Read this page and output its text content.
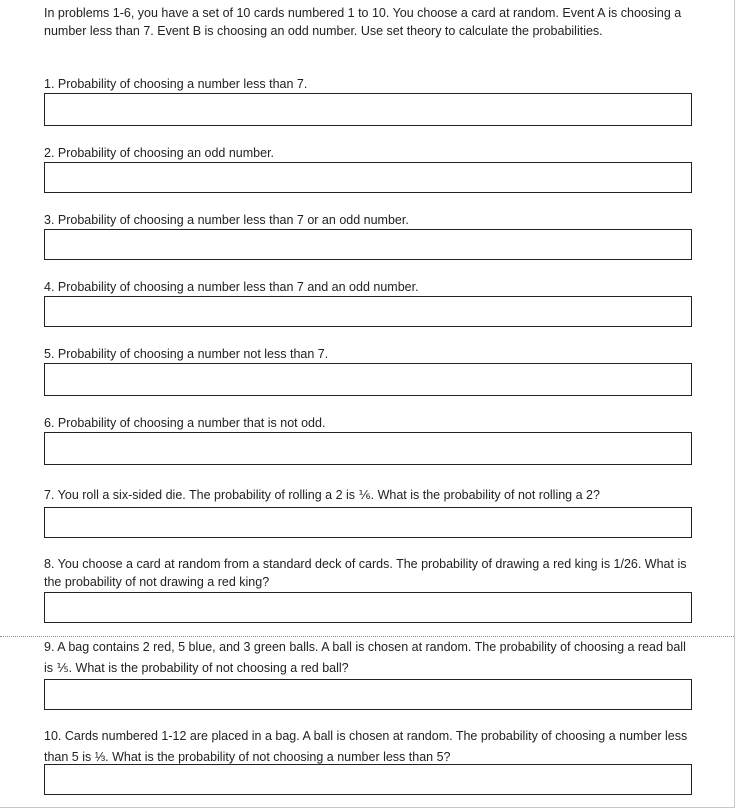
In problems 1-6, you have a set of 10 cards numbered 1 to 10. You choose a card at random. Event A is choosing a number less than 7. Event B is choosing an odd number. Use set theory to calculate the probabilities.
1. Probability of choosing a number less than 7.
2. Probability of choosing an odd number.
3. Probability of choosing a number less than 7 or an odd number.
4. Probability of choosing a number less than 7 and an odd number.
5. Probability of choosing a number not less than 7.
6. Probability of choosing a number that is not odd.
7. You roll a six-sided die. The probability of rolling a 2 is ⅙. What is the probability of not rolling a 2?
8. You choose a card at random from a standard deck of cards. The probability of drawing a red king is 1/26. What is the probability of not drawing a red king?
9. A bag contains 2 red, 5 blue, and 3 green balls. A ball is chosen at random. The probability of choosing a read ball is ⅕. What is the probability of not choosing a red ball?
10. Cards numbered 1-12 are placed in a bag. A ball is chosen at random. The probability of choosing a number less than 5 is ⅓. What is the probability of not choosing a number less than 5?
